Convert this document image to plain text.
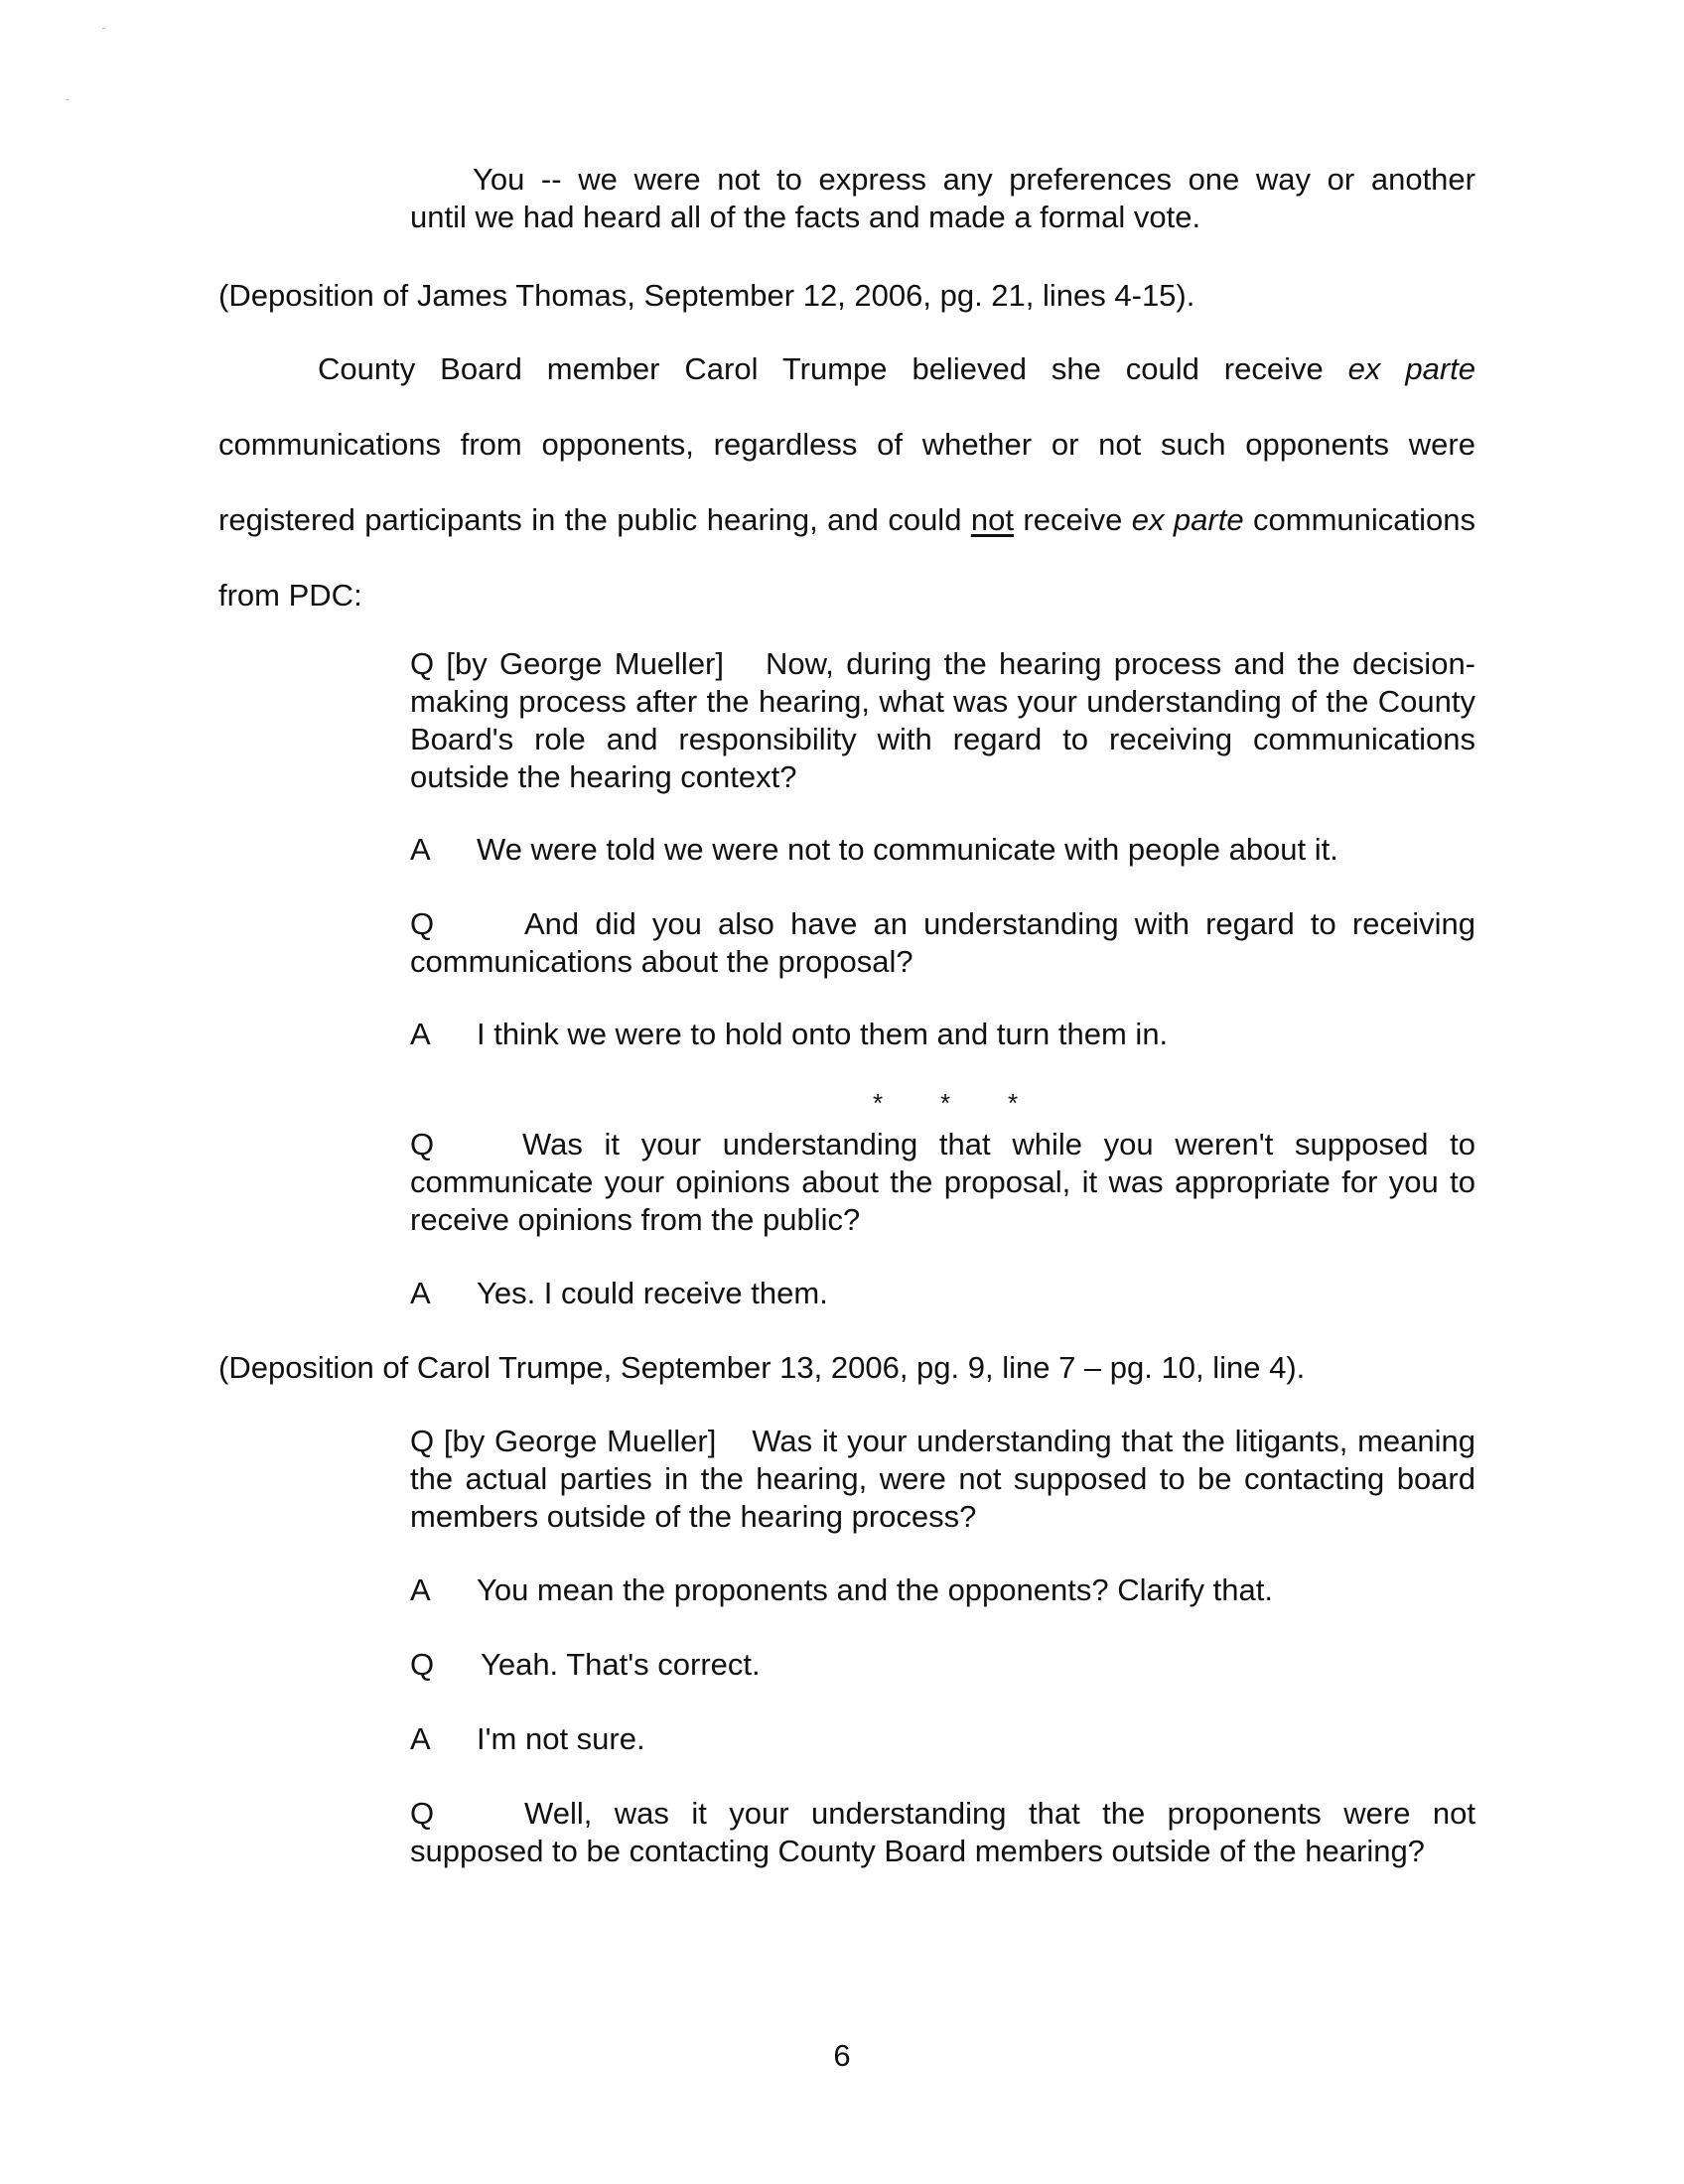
You -- we were not to express any preferences one way or another
until we had heard all of the facts and made a formal vote.

(Deposition of James Thomas, September 12, 2006, pg. 21, lines 4-15).

County Board member Carol Trumpe believed she could receive ex parte communications from opponents, regardless of whether or not such opponents were registered participants in the public hearing, and could not receive ex parte communications from PDC:

Q [by George Mueller] Now, during the hearing process and the decision-making process after the hearing, what was your understanding of the County Board's role and responsibility with regard to receiving communications outside the hearing context?

A We were told we were not to communicate with people about it.

Q	And did you also have an understanding with regard to receiving communications about the proposal?

A I think we were to hold onto them and turn them in.

* * *

Q	Was it your understanding that while you weren't supposed to communicate your opinions about the proposal, it was appropriate for you to receive opinions from the public?

A Yes. I could receive them.

(Deposition of Carol Trumpe, September 13, 2006, pg. 9, line 7 – pg. 10, line 4).

Q [by George Mueller] Was it your understanding that the litigants, meaning the actual parties in the hearing, were not supposed to be contacting board members outside of the hearing process?

A You mean the proponents and the opponents? Clarify that.

Q Yeah. That's correct.

A I'm not sure.

Q	Well, was it your understanding that the proponents were not supposed to be contacting County Board members outside of the hearing?

6
